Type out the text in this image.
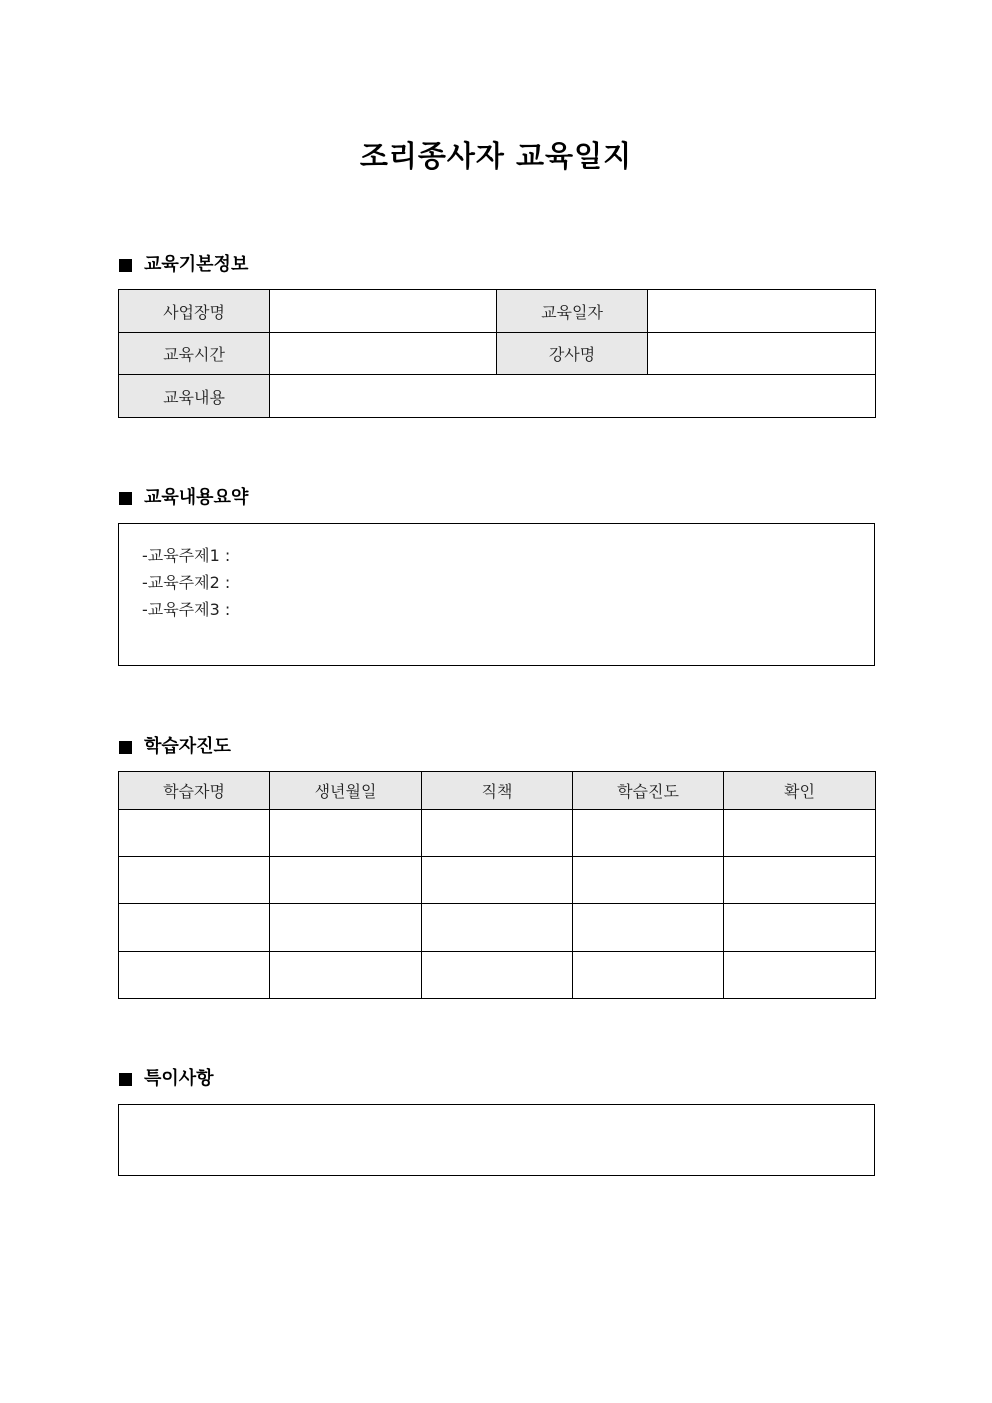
조리종사자 교육일지
교육기본정보
사업장명		교육일자	
교육시간		강사명	
교육내용			
교육내용요약
-교육주제1 :
-교육주제2 :
-교육주제3 :
학습자진도
학습자명	생년월일	직책	학습진도	확인

특이사항
